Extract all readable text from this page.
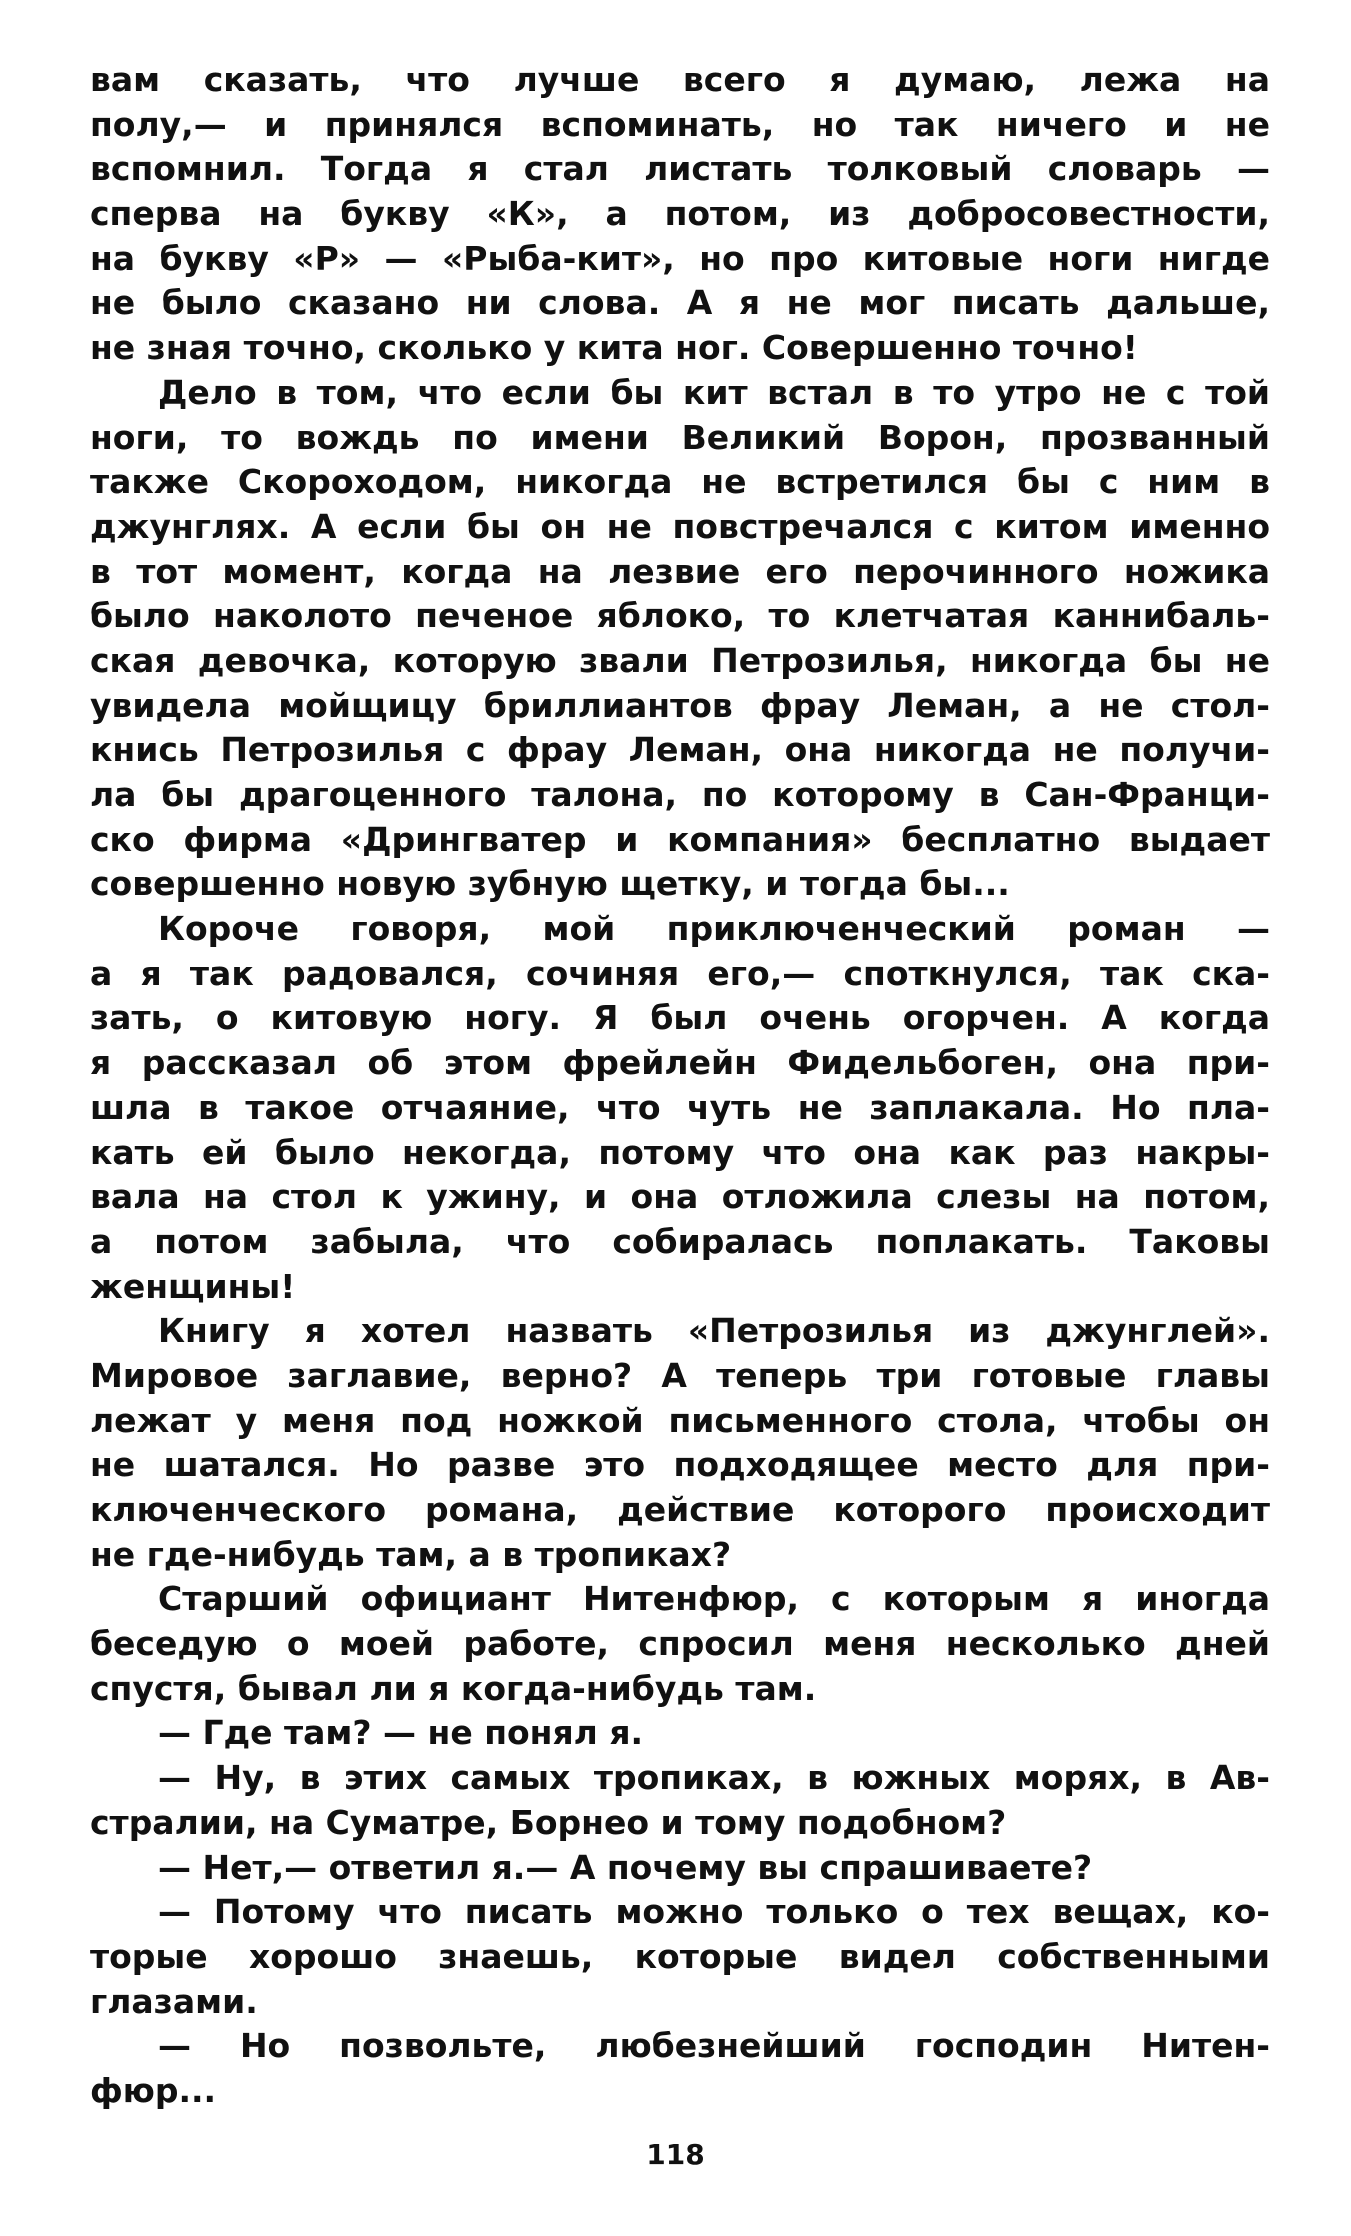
вам сказать, что лучше всего я думаю, лежа на
полу,— и принялся вспоминать, но так ничего и не
вспомнил. Тогда я стал листать толковый словарь —
сперва на букву «К», а потом, из добросовестности,
на букву «Р» — «Рыба-кит», но про китовые ноги нигде
не было сказано ни слова. А я не мог писать дальше,
не зная точно, сколько у кита ног. Совершенно точно!
Дело в том, что если бы кит встал в то утро не с той
ноги, то вождь по имени Великий Ворон, прозванный
также Скороходом, никогда не встретился бы с ним в
джунглях. А если бы он не повстречался с китом именно
в тот момент, когда на лезвие его перочинного ножика
было наколото печеное яблоко, то клетчатая каннибаль-
ская девочка, которую звали Петрозилья, никогда бы не
увидела мойщицу бриллиантов фрау Леман, а не стол-
кнись Петрозилья с фрау Леман, она никогда не получи-
ла бы драгоценного талона, по которому в Сан-Франци-
ско фирма «Дрингватер и компания» бесплатно выдает
совершенно новую зубную щетку, и тогда бы...
Короче говоря, мой приключенческий роман —
а я так радовался, сочиняя его,— споткнулся, так ска-
зать, о китовую ногу. Я был очень огорчен. А когда
я рассказал об этом фрейлейн Фидельбоген, она при-
шла в такое отчаяние, что чуть не заплакала. Но пла-
кать ей было некогда, потому что она как раз накры-
вала на стол к ужину, и она отложила слезы на потом,
а потом забыла, что собиралась поплакать. Таковы
женщины!
Книгу я хотел назвать «Петрозилья из джунглей».
Мировое заглавие, верно? А теперь три готовые главы
лежат у меня под ножкой письменного стола, чтобы он
не шатался. Но разве это подходящее место для при-
ключенческого романа, действие которого происходит
не где-нибудь там, а в тропиках?
Старший официант Нитенфюр, с которым я иногда
беседую о моей работе, спросил меня несколько дней
спустя, бывал ли я когда-нибудь там.
— Где там? — не понял я.
— Ну, в этих самых тропиках, в южных морях, в Ав-
стралии, на Суматре, Борнео и тому подобном?
— Нет,— ответил я.— А почему вы спрашиваете?
— Потому что писать можно только о тех вещах, ко-
торые хорошо знаешь, которые видел собственными
глазами.
— Но позвольте, любезнейший господин Нитен-
фюр...
118
